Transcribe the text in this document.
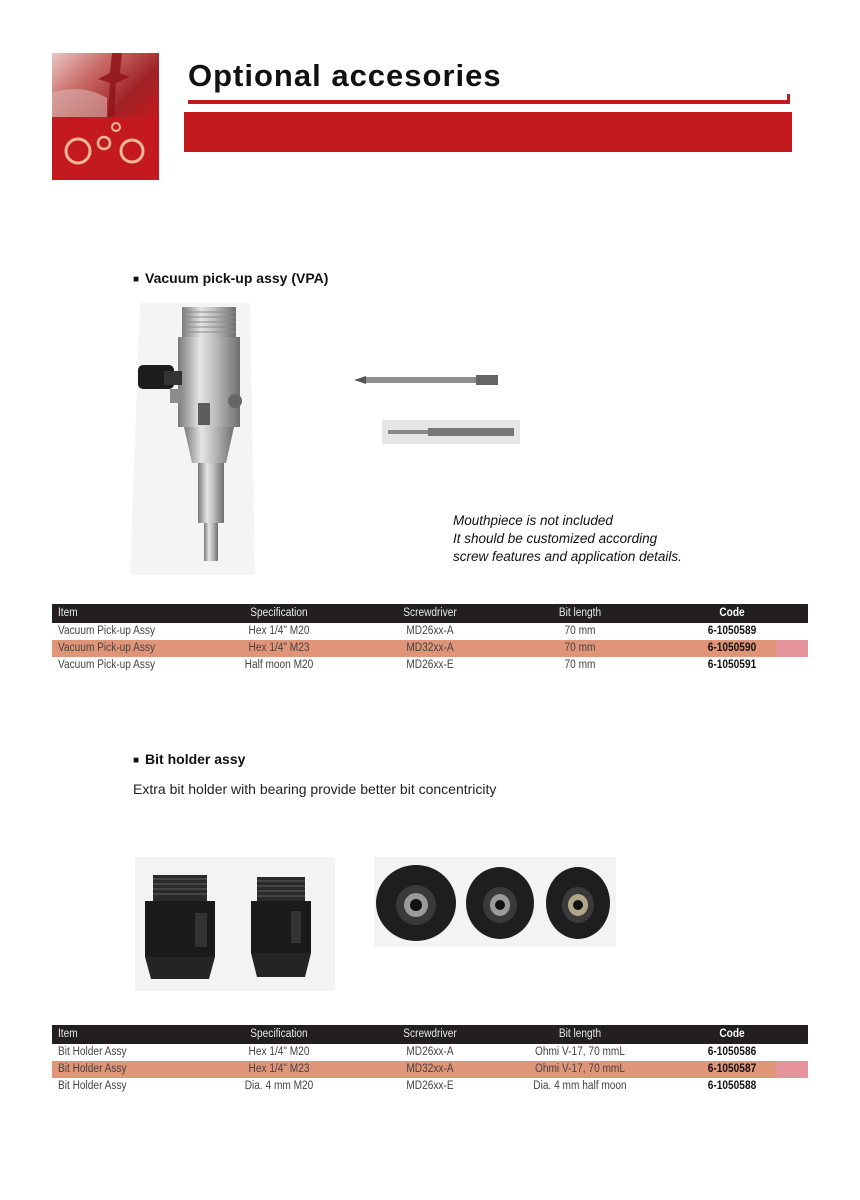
Optional accesories
■ Vacuum pick-up assy (VPA)
Mouthpiece is not included
It should be customized according
screw features and application details.
Item	Specification	Screwdriver	Bit length	Code
Vacuum Pick-up Assy	Hex 1/4" M20	MD26xx-A	70 mm	6-1050589
Vacuum Pick-up Assy	Hex 1/4" M23	MD32xx-A	70 mm	6-1050590
Vacuum Pick-up Assy	Half moon M20	MD26xx-E	70 mm	6-1050591
■ Bit holder assy
Extra bit holder with bearing provide better bit concentricity
Item	Specification	Screwdriver	Bit length	Code
Bit Holder Assy	Hex 1/4" M20	MD26xx-A	Ohmi V-17, 70 mmL	6-1050586
Bit Holder Assy	Hex 1/4" M23	MD32xx-A	Ohmi V-17, 70 mmL	6-1050587
Bit Holder Assy	Dia. 4 mm M20	MD26xx-E	Dia. 4 mm half moon	6-1050588
